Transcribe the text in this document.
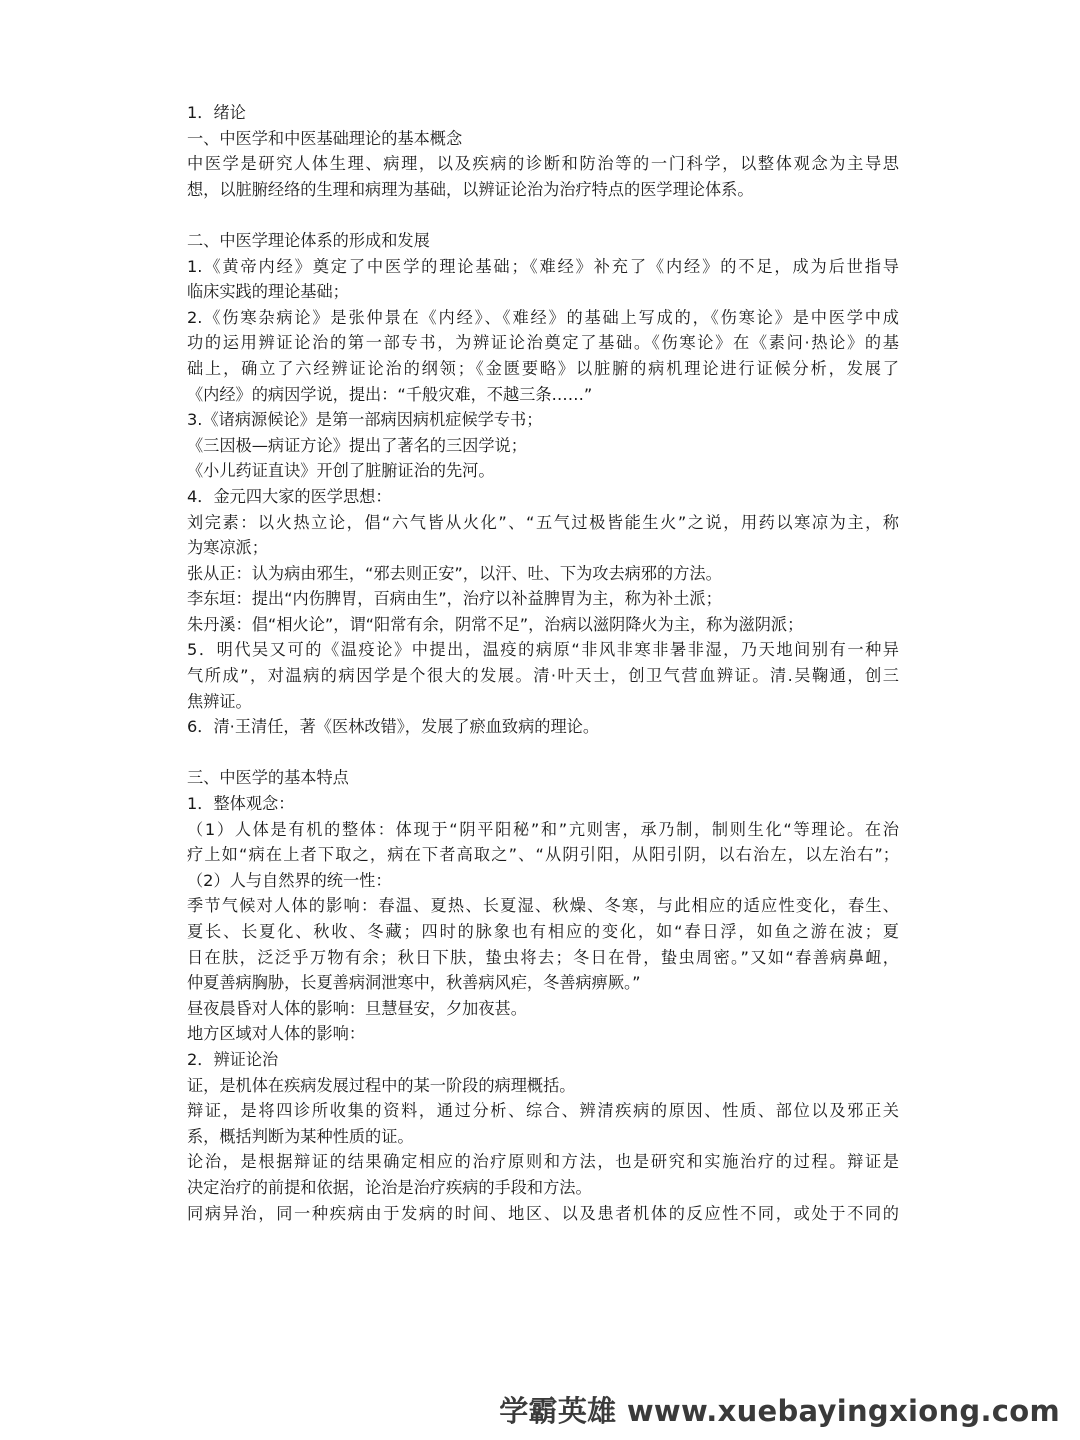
1．绪论
一、中医学和中医基础理论的基本概念
中医学是研究人体生理、病理，以及疾病的诊断和防治等的一门科学，以整体观念为主导思
想，以脏腑经络的生理和病理为基础，以辨证论治为治疗特点的医学理论体系。
二、中医学理论体系的形成和发展
1.《黄帝内经》奠定了中医学的理论基础；《难经》补充了《内经》的不足，成为后世指导
临床实践的理论基础；
2.《伤寒杂病论》是张仲景在《内经》、《难经》的基础上写成的，《伤寒论》是中医学中成
功的运用辨证论治的第一部专书，为辨证论治奠定了基础。《伤寒论》在《素问·热论》的基
础上，确立了六经辨证论治的纲领；《金匮要略》以脏腑的病机理论进行证候分析，发展了
《内经》的病因学说，提出：“千般灾难，不越三条……”
3.《诸病源候论》是第一部病因病机症候学专书；
《三因极—病证方论》提出了著名的三因学说；
《小儿药证直诀》开创了脏腑证治的先河。
4．金元四大家的医学思想：
刘完素：以火热立论，倡“六气皆从火化”、“五气过极皆能生火”之说，用药以寒凉为主，称
为寒凉派；
张从正：认为病由邪生，“邪去则正安”，以汗、吐、下为攻去病邪的方法。
李东垣：提出“内伤脾胃，百病由生”，治疗以补益脾胃为主，称为补土派；
朱丹溪：倡“相火论”，谓“阳常有余，阴常不足”，治病以滋阴降火为主，称为滋阴派；
5．明代吴又可的《温疫论》中提出，温疫的病原“非风非寒非暑非湿，乃天地间别有一种异
气所成”，对温病的病因学是个很大的发展。清·叶天士，创卫气营血辨证。清.吴鞠通，创三
焦辨证。
6．清·王清任，著《医林改错》，发展了瘀血致病的理论。
三、中医学的基本特点
1．整体观念：
（1）人体是有机的整体：体现于“阴平阳秘”和”亢则害，承乃制，制则生化“等理论。在治
疗上如“病在上者下取之，病在下者高取之”、“从阴引阳，从阳引阴，以右治左，以左治右”；
（2）人与自然界的统一性：
季节气候对人体的影响：春温、夏热、长夏湿、秋燥、冬寒，与此相应的适应性变化，春生、
夏长、长夏化、秋收、冬藏；四时的脉象也有相应的变化，如“春日浮，如鱼之游在波；夏
日在肤，泛泛乎万物有余；秋日下肤，蛰虫将去；冬日在骨，蛰虫周密。”又如“春善病鼻衄，
仲夏善病胸胁，长夏善病洞泄寒中，秋善病风疟，冬善病痹厥。”
昼夜晨昏对人体的影响：旦慧昼安，夕加夜甚。
地方区域对人体的影响：
2．辨证论治
证，是机体在疾病发展过程中的某一阶段的病理概括。
辩证，是将四诊所收集的资料，通过分析、综合、辨清疾病的原因、性质、部位以及邪正关
系，概括判断为某种性质的证。
论治，是根据辩证的结果确定相应的治疗原则和方法，也是研究和实施治疗的过程。辩证是
决定治疗的前提和依据，论治是治疗疾病的手段和方法。
同病异治，同一种疾病由于发病的时间、地区、以及患者机体的反应性不同，或处于不同的
学霸英雄 www.xuebayingxiong.com
